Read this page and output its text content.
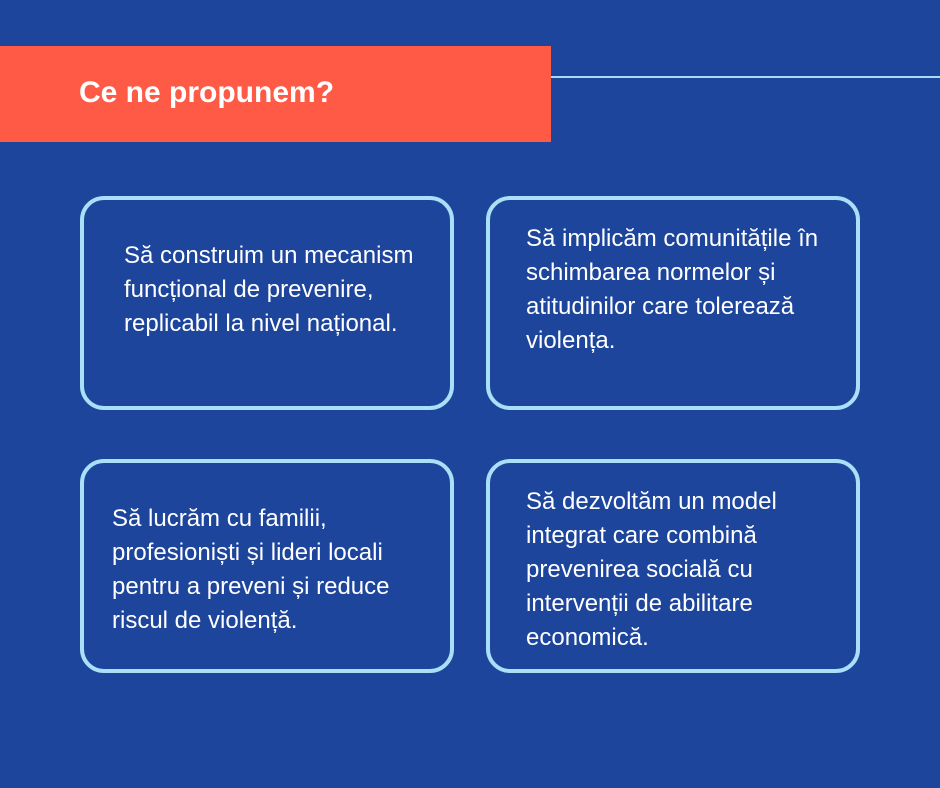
Ce ne propunem?

Să construim un mecanism funcțional de prevenire, replicabil la nivel național.

Să implicăm comunitățile în schimbarea normelor și atitudinilor care tolerează violența.

Să lucrăm cu familii, profesioniști și lideri locali pentru a preveni și reduce riscul de violență.

Să dezvoltăm un model integrat care combină prevenirea socială cu intervenții de abilitare economică.
